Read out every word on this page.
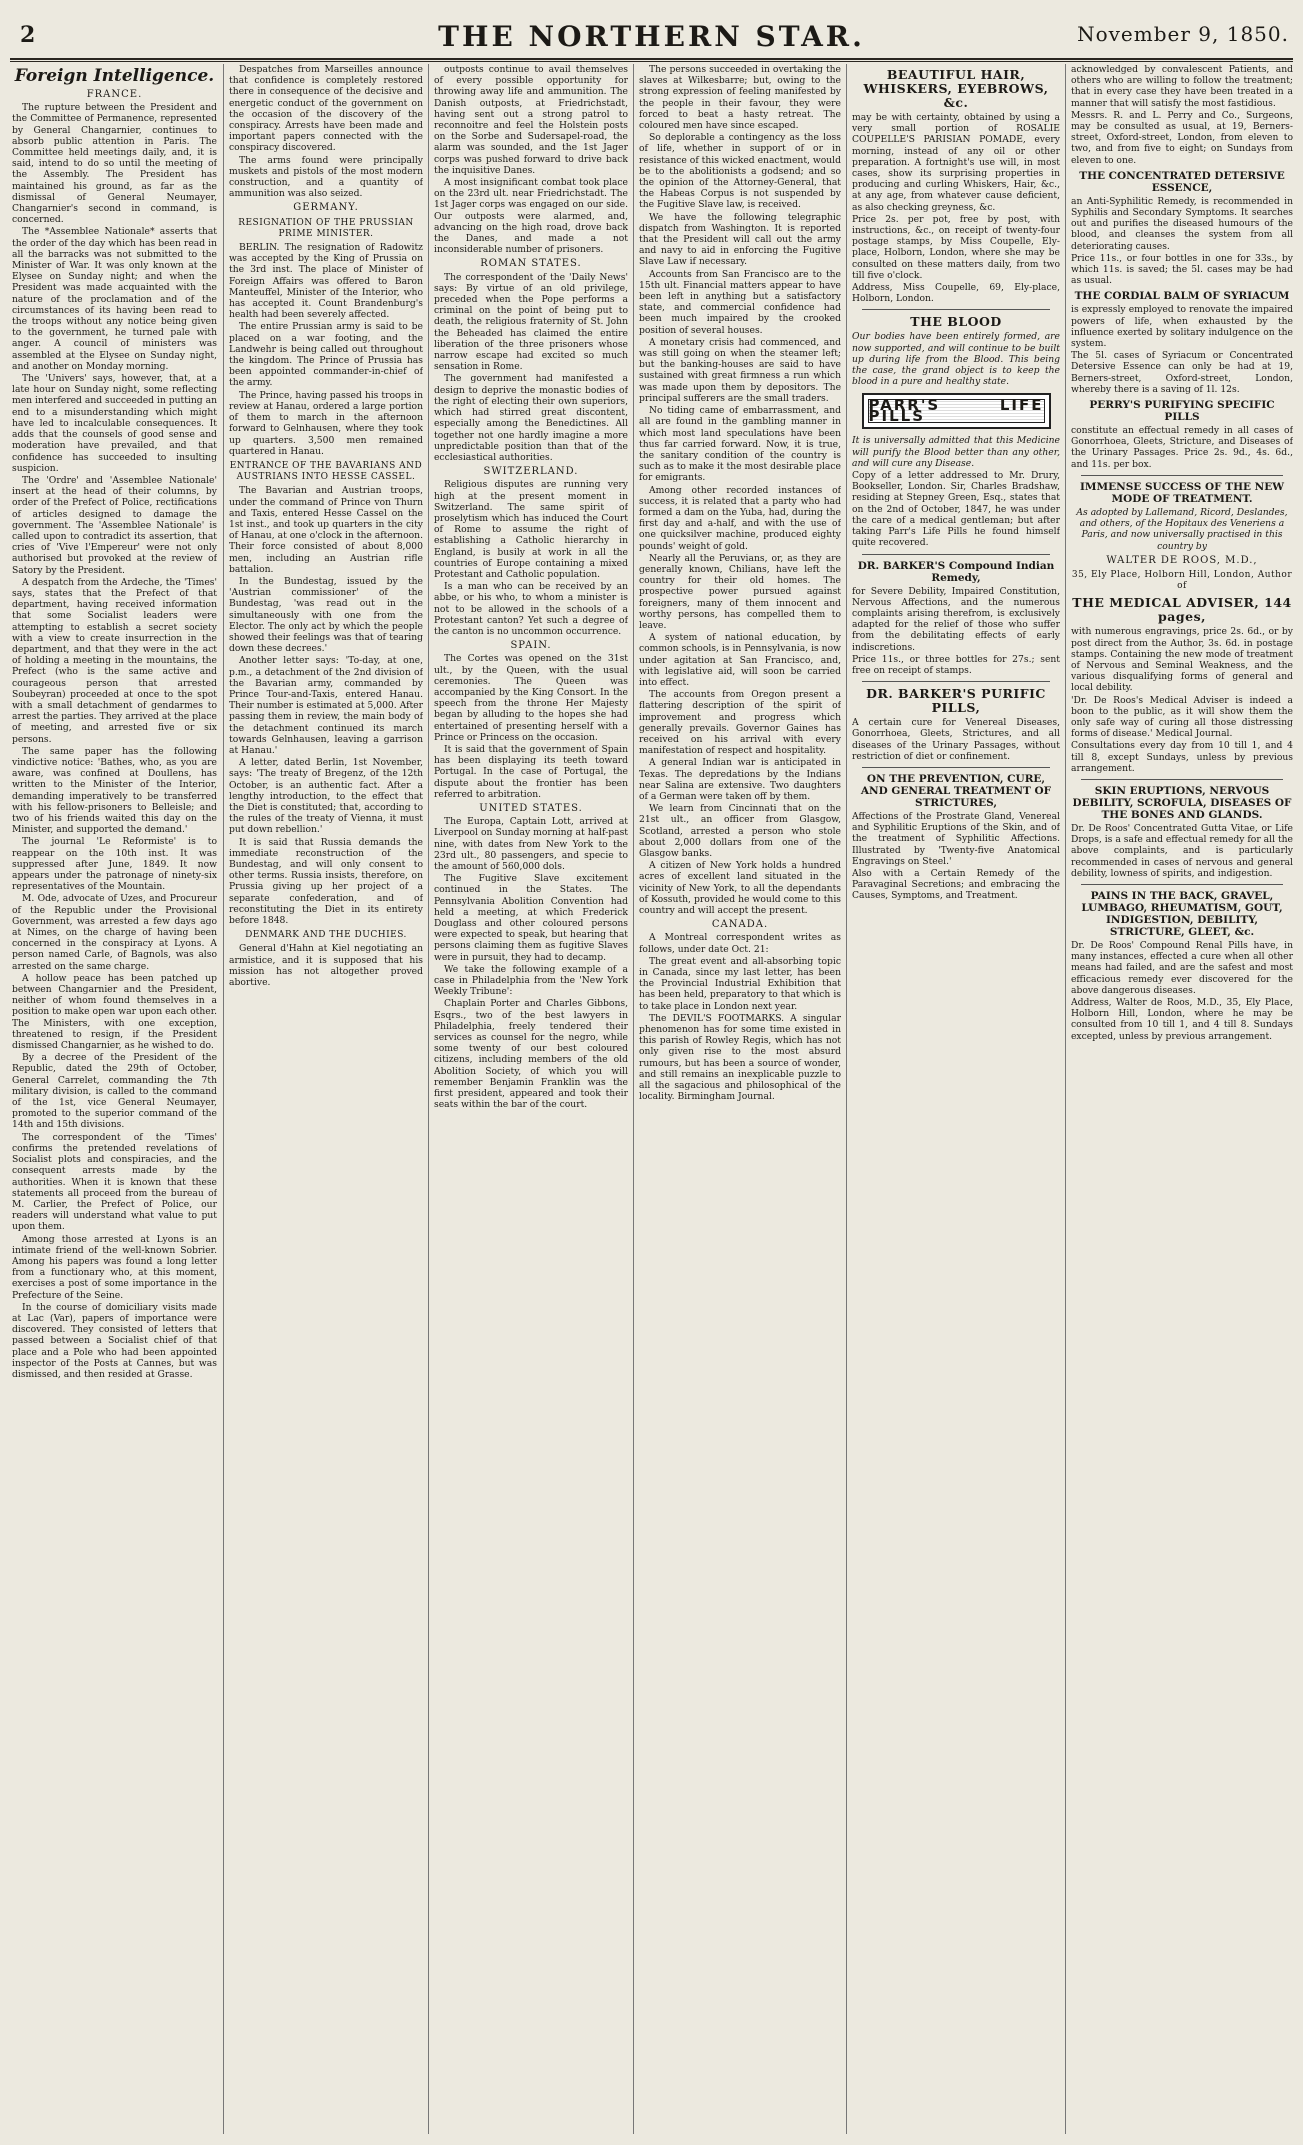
2	THE NORTHERN STAR.	November 9, 1850.
Foreign Intelligence.
FRANCE.

The rupture between the President and the Committee of Permanence, represented by General Changarnier, continues to absorb public attention in Paris. The Committee held meetings daily, and, it is said, intend to do so until the meeting of the Assembly. The President has maintained his ground, as far as the dismissal of General Neumayer, Changarnier's second in command, is concerned.

The *Assemblee Nationale* asserts that the order of the day which has been read in all the barracks was not submitted to the Minister of War. It was only known at the Elysee on Sunday night; and when the President was made acquainted with the nature of the proclamation and of the circumstances of its having been read to the troops without any notice being given to the government, he turned pale with anger. A council of ministers was assembled at the Elysee on Sunday night, and another on Monday morning.

The 'Univers' says, however, that, at a late hour on Sunday night, some reflecting men interfered and succeeded in putting an end to a misunderstanding which might have led to incalculable consequences. It adds that the counsels of good sense and moderation have prevailed, and that confidence has succeeded to insulting suspicion.

The 'Ordre' and 'Assemblee Nationale' insert at the head of their columns, by order of the Prefect of Police, rectifications of articles designed to damage the government. The 'Assemblee Nationale' is called upon to contradict its assertion, that cries of 'Vive l'Empereur' were not only authorised but provoked at the review of Satory by the President.

A despatch from the Ardeche, the 'Times' says, states that the Prefect of that department, having received information that some Socialist leaders were attempting to establish a secret society with a view to create insurrection in the department, and that they were in the act of holding a meeting in the mountains, the Prefect (who is the same active and courageous person that arrested Soubeyran) proceeded at once to the spot with a small detachment of gendarmes to arrest the parties. They arrived at the place of meeting, and arrested five or six persons.

The same paper has the following vindictive notice: 'Bathes, who, as you are aware, was confined at Doullens, has written to the Minister of the Interior, demanding imperatively to be transferred with his fellow-prisoners to Belleisle; and two of his friends waited this day on the Minister, and supported the demand.'

The journal 'Le Reformiste' is to reappear on the 10th inst. It was suppressed after June, 1849. It now appears under the patronage of ninety-six representatives of the Mountain.

M. Ode, advocate of Uzes, and Procureur of the Republic under the Provisional Government, was arrested a few days ago at Nimes, on the charge of having been concerned in the conspiracy at Lyons. A person named Carle, of Bagnols, was also arrested on the same charge.

A hollow peace has been patched up between Changarnier and the President, neither of whom found themselves in a position to make open war upon each other. The Ministers, with one exception, threatened to resign, if the President dismissed Changarnier, as he wished to do.

By a decree of the President of the Republic, dated the 29th of October, General Carrelet, commanding the 7th military division, is called to the command of the 1st, vice General Neumayer, promoted to the superior command of the 14th and 15th divisions.

The correspondent of the 'Times' confirms the pretended revelations of Socialist plots and conspiracies, and the consequent arrests made by the authorities. When it is known that these statements all proceed from the bureau of M. Carlier, the Prefect of Police, our readers will understand what value to put upon them.

Among those arrested at Lyons is an intimate friend of the well-known Sobrier. Among his papers was found a long letter from a functionary who, at this moment, exercises a post of some importance in the Prefecture of the Seine.

In the course of domiciliary visits made at Lac (Var), papers of importance were discovered. They consisted of letters that passed between a Socialist chief of that place and a Pole who had been appointed inspector of the Posts at Cannes, but was dismissed, and then resided at Grasse.

Despatches from Marseilles announce that confidence is completely restored there in consequence of the decisive and energetic conduct of the government on the occasion of the discovery of the conspiracy. Arrests have been made and important papers connected with the conspiracy discovered.

The arms found were principally muskets and pistols of the most modern construction, and a quantity of ammunition was also seized.

GERMANY.
RESIGNATION OF THE PRUSSIAN PRIME MINISTER.

BERLIN. The resignation of Radowitz was accepted by the King of Prussia on the 3rd inst. The place of Minister of Foreign Affairs was offered to Baron Manteuffel, Minister of the Interior, who has accepted it. Count Brandenburg's health had been severely affected.

The entire Prussian army is said to be placed on a war footing, and the Landwehr is being called out throughout the kingdom. The Prince of Prussia has been appointed commander-in-chief of the army.

The Prince, having passed his troops in review at Hanau, ordered a large portion of them to march in the afternoon forward to Gelnhausen, where they took up quarters. 3,500 men remained quartered in Hanau.

ENTRANCE OF THE BAVARIANS AND AUSTRIANS INTO HESSE CASSEL.

The Bavarian and Austrian troops, under the command of Prince von Thurn and Taxis, entered Hesse Cassel on the 1st inst., and took up quarters in the city of Hanau, at one o'clock in the afternoon. Their force consisted of about 8,000 men, including an Austrian rifle battalion.

In the Bundestag, issued by the 'Austrian commissioner' of the Bundestag, 'was read out in the simultaneously with one from the Elector. The only act by which the people showed their feelings was that of tearing down these decrees.'

Another letter says: 'To-day, at one, p.m., a detachment of the 2nd division of the Bavarian army, commanded by Prince Tour-and-Taxis, entered Hanau. Their number is estimated at 5,000. After passing them in review, the main body of the detachment continued its march towards Gelnhausen, leaving a garrison at Hanau.'

A letter, dated Berlin, 1st November, says: 'The treaty of Bregenz, of the 12th October, is an authentic fact. After a lengthy introduction, to the effect that the Diet is constituted; that, according to the rules of the treaty of Vienna, it must put down rebellion.'

It is said that Russia demands the immediate reconstruction of the Bundestag, and will only consent to other terms. Russia insists, therefore, on Prussia giving up her project of a separate confederation, and of reconstituting the Diet in its entirety before 1848.

DENMARK AND THE DUCHIES.

General d'Hahn at Kiel negotiating an armistice, and it is supposed that his mission has not altogether proved abortive.

outposts continue to avail themselves of every possible opportunity for throwing away life and ammunition. The Danish outposts, at Friedrichstadt, having sent out a strong patrol to reconnoitre and feel the Holstein posts on the Sorbe and Sudersapel-road, the alarm was sounded, and the 1st Jager corps was pushed forward to drive back the inquisitive Danes.

A most insignificant combat took place on the 23rd ult. near Friedrichstadt. The 1st Jager corps was engaged on our side. Our outposts were alarmed, and, advancing on the high road, drove back the Danes, and made a not inconsiderable number of prisoners.

ROMAN STATES.

The correspondent of the 'Daily News' says: By virtue of an old privilege, preceded when the Pope performs a criminal on the point of being put to death, the religious fraternity of St. John the Beheaded has claimed the entire liberation of the three prisoners whose narrow escape had excited so much sensation in Rome.

The government had manifested a design to deprive the monastic bodies of the right of electing their own superiors, which had stirred great discontent, especially among the Benedictines. All together not one hardly imagine a more unpredictable position than that of the ecclesiastical authorities.

SWITZERLAND.

Religious disputes are running very high at the present moment in Switzerland. The same spirit of proselytism which has induced the Court of Rome to assume the right of establishing a Catholic hierarchy in England, is busily at work in all the countries of Europe containing a mixed Protestant and Catholic population.

Is a man who can be received by an abbe, or his who, to whom a minister is not to be allowed in the schools of a Protestant canton? Yet such a degree of the canton is no uncommon occurrence.

SPAIN.

The Cortes was opened on the 31st ult., by the Queen, with the usual ceremonies. The Queen was accompanied by the King Consort. In the speech from the throne Her Majesty began by alluding to the hopes she had entertained of presenting herself with a Prince or Princess on the occasion.

It is said that the government of Spain has been displaying its teeth toward Portugal. In the case of Portugal, the dispute about the frontier has been referred to arbitration.

UNITED STATES.

The Europa, Captain Lott, arrived at Liverpool on Sunday morning at half-past nine, with dates from New York to the 23rd ult., 80 passengers, and specie to the amount of 560,000 dols.

The Fugitive Slave excitement continued in the States. The Pennsylvania Abolition Convention had held a meeting, at which Frederick Douglass and other coloured persons were expected to speak, but hearing that persons claiming them as fugitive Slaves were in pursuit, they had to decamp.

We take the following example of a case in Philadelphia from the 'New York Weekly Tribune':

Chaplain Porter and Charles Gibbons, Esqrs., two of the best lawyers in Philadelphia, freely tendered their services as counsel for the negro, while some twenty of our best coloured citizens, including members of the old Abolition Society, of which you will remember Benjamin Franklin was the first president, appeared and took their seats within the bar of the court.

The persons succeeded in overtaking the slaves at Wilkesbarre; but, owing to the strong expression of feeling manifested by the people in their favour, they were forced to beat a hasty retreat. The coloured men have since escaped.

So deplorable a contingency as the loss of life, whether in support of or in resistance of this wicked enactment, would be to the abolitionists a godsend; and so the opinion of the Attorney-General, that the Habeas Corpus is not suspended by the Fugitive Slave law, is received.

We have the following telegraphic dispatch from Washington. It is reported that the President will call out the army and navy to aid in enforcing the Fugitive Slave Law if necessary.

Accounts from San Francisco are to the 15th ult. Financial matters appear to have been left in anything but a satisfactory state, and commercial confidence had been much impaired by the crooked position of several houses.

A monetary crisis had commenced, and was still going on when the steamer left; but the banking-houses are said to have sustained with great firmness a run which was made upon them by depositors. The principal sufferers are the small traders.

No tiding came of embarrassment, and all are found in the gambling manner in which most land speculations have been thus far carried forward. Now, it is true, the sanitary condition of the country is such as to make it the most desirable place for emigrants.

Among other recorded instances of success, it is related that a party who had formed a dam on the Yuba, had, during the first day and a-half, and with the use of one quicksilver machine, produced eighty pounds' weight of gold.

Nearly all the Peruvians, or, as they are generally known, Chilians, have left the country for their old homes. The prospective power pursued against foreigners, many of them innocent and worthy persons, has compelled them to leave.

A system of national education, by common schools, is in Pennsylvania, is now under agitation at San Francisco, and, with legislative aid, will soon be carried into effect.

The accounts from Oregon present a flattering description of the spirit of improvement and progress which generally prevails. Governor Gaines has received on his arrival with every manifestation of respect and hospitality.

A general Indian war is anticipated in Texas. The depredations by the Indians near Salina are extensive. Two daughters of a German were taken off by them.

We learn from Cincinnati that on the 21st ult., an officer from Glasgow, Scotland, arrested a person who stole about 2,000 dollars from one of the Glasgow banks.

A citizen of New York holds a hundred acres of excellent land situated in the vicinity of New York, to all the dependants of Kossuth, provided he would come to this country and will accept the present.

CANADA.

A Montreal correspondent writes as follows, under date Oct. 21:

The great event and all-absorbing topic in Canada, since my last letter, has been the Provincial Industrial Exhibition that has been held, preparatory to that which is to take place in London next year.

The DEVIL'S FOOTMARKS. A singular phenomenon has for some time existed in this parish of Rowley Regis, which has not only given rise to the most absurd rumours, but has been a source of wonder, and still remains an inexplicable puzzle to all the sagacious and philosophical of the locality. Birmingham Journal.

BEAUTIFUL HAIR, WHISKERS, EYEBROWS, &c.

may be with certainty, obtained by using a very small portion of ROSALIE COUPELLE'S PARISIAN POMADE, every morning, instead of any oil or other preparation. A fortnight's use will, in most cases, show its surprising properties in producing and curling Whiskers, Hair, &c., at any age, from whatever cause deficient, as also checking greyness, &c.

Price 2s. per pot, free by post, with instructions, &c., on receipt of twenty-four postage stamps, by Miss Coupelle, Ely-place, Holborn, London, where she may be consulted on these matters daily, from two till five o'clock.

Address, Miss Coupelle, 69, Ely-place, Holborn, London.

THE BLOOD

Our bodies have been entirely formed, are now supported, and will continue to be built up during life from the Blood. This being the case, the grand object is to keep the blood in a pure and healthy state.

PARR'S LIFE PILLS

It is universally admitted that this Medicine will purify the Blood better than any other, and will cure any Disease.

Copy of a letter addressed to Mr. Drury, Bookseller, London. Sir, Charles Bradshaw, residing at Stepney Green, Esq., states that on the 2nd of October, 1847, he was under the care of a medical gentleman; but after taking Parr's Life Pills he found himself quite recovered.

DR. BARKER'S Compound Indian Remedy,

for Severe Debility, Impaired Constitution, Nervous Affections, and the numerous complaints arising therefrom, is exclusively adapted for the relief of those who suffer from the debilitating effects of early indiscretions.

Price 11s., or three bottles for 27s.; sent free on receipt of stamps.

DR. BARKER'S PURIFIC PILLS,

A certain cure for Venereal Diseases, Gonorrhoea, Gleets, Strictures, and all diseases of the Urinary Passages, without restriction of diet or confinement.

ON THE PREVENTION, CURE, AND GENERAL TREATMENT OF STRICTURES,

Affections of the Prostrate Gland, Venereal and Syphilitic Eruptions of the Skin, and of the treatment of Syphilitic Affections. Illustrated by 'Twenty-five Anatomical Engravings on Steel.'

Also with a Certain Remedy of the Paravaginal Secretions; and embracing the Causes, Symptoms, and Treatment.

acknowledged by convalescent Patients, and others who are willing to follow the treatment; that in every case they have been treated in a manner that will satisfy the most fastidious.

Messrs. R. and L. Perry and Co., Surgeons, may be consulted as usual, at 19, Berners-street, Oxford-street, London, from eleven to two, and from five to eight; on Sundays from eleven to one.

THE CONCENTRATED DETERSIVE ESSENCE,

an Anti-Syphilitic Remedy, is recommended in Syphilis and Secondary Symptoms. It searches out and purifies the diseased humours of the blood, and cleanses the system from all deteriorating causes.

Price 11s., or four bottles in one for 33s., by which 11s. is saved; the 5l. cases may be had as usual.

THE CORDIAL BALM OF SYRIACUM

is expressly employed to renovate the impaired powers of life, when exhausted by the influence exerted by solitary indulgence on the system.

The 5l. cases of Syriacum or Concentrated Detersive Essence can only be had at 19, Berners-street, Oxford-street, London, whereby there is a saving of 1l. 12s.

PERRY'S PURIFYING SPECIFIC PILLS

constitute an effectual remedy in all cases of Gonorrhoea, Gleets, Stricture, and Diseases of the Urinary Passages. Price 2s. 9d., 4s. 6d., and 11s. per box.

IMMENSE SUCCESS OF THE NEW MODE OF TREATMENT.

As adopted by Lallemand, Ricord, Deslandes, and others, of the Hopitaux des Veneriens a Paris, and now universally practised in this country by

WALTER DE ROOS, M.D.,
35, Ely Place, Holborn Hill, London, Author of
THE MEDICAL ADVISER, 144 pages,

with numerous engravings, price 2s. 6d., or by post direct from the Author, 3s. 6d. in postage stamps. Containing the new mode of treatment of Nervous and Seminal Weakness, and the various disqualifying forms of general and local debility.

'Dr. De Roos's Medical Adviser is indeed a boon to the public, as it will show them the only safe way of curing all those distressing forms of disease.' Medical Journal.

Consultations every day from 10 till 1, and 4 till 8, except Sundays, unless by previous arrangement.

SKIN ERUPTIONS, NERVOUS DEBILITY, SCROFULA, DISEASES OF THE BONES AND GLANDS.

Dr. De Roos' Concentrated Gutta Vitae, or Life Drops, is a safe and effectual remedy for all the above complaints, and is particularly recommended in cases of nervous and general debility, lowness of spirits, and indigestion.

PAINS IN THE BACK, GRAVEL, LUMBAGO, RHEUMATISM, GOUT, INDIGESTION, DEBILITY, STRICTURE, GLEET, &c.

Dr. De Roos' Compound Renal Pills have, in many instances, effected a cure when all other means had failed, and are the safest and most efficacious remedy ever discovered for the above dangerous diseases.

Address, Walter de Roos, M.D., 35, Ely Place, Holborn Hill, London, where he may be consulted from 10 till 1, and 4 till 8. Sundays excepted, unless by previous arrangement.
